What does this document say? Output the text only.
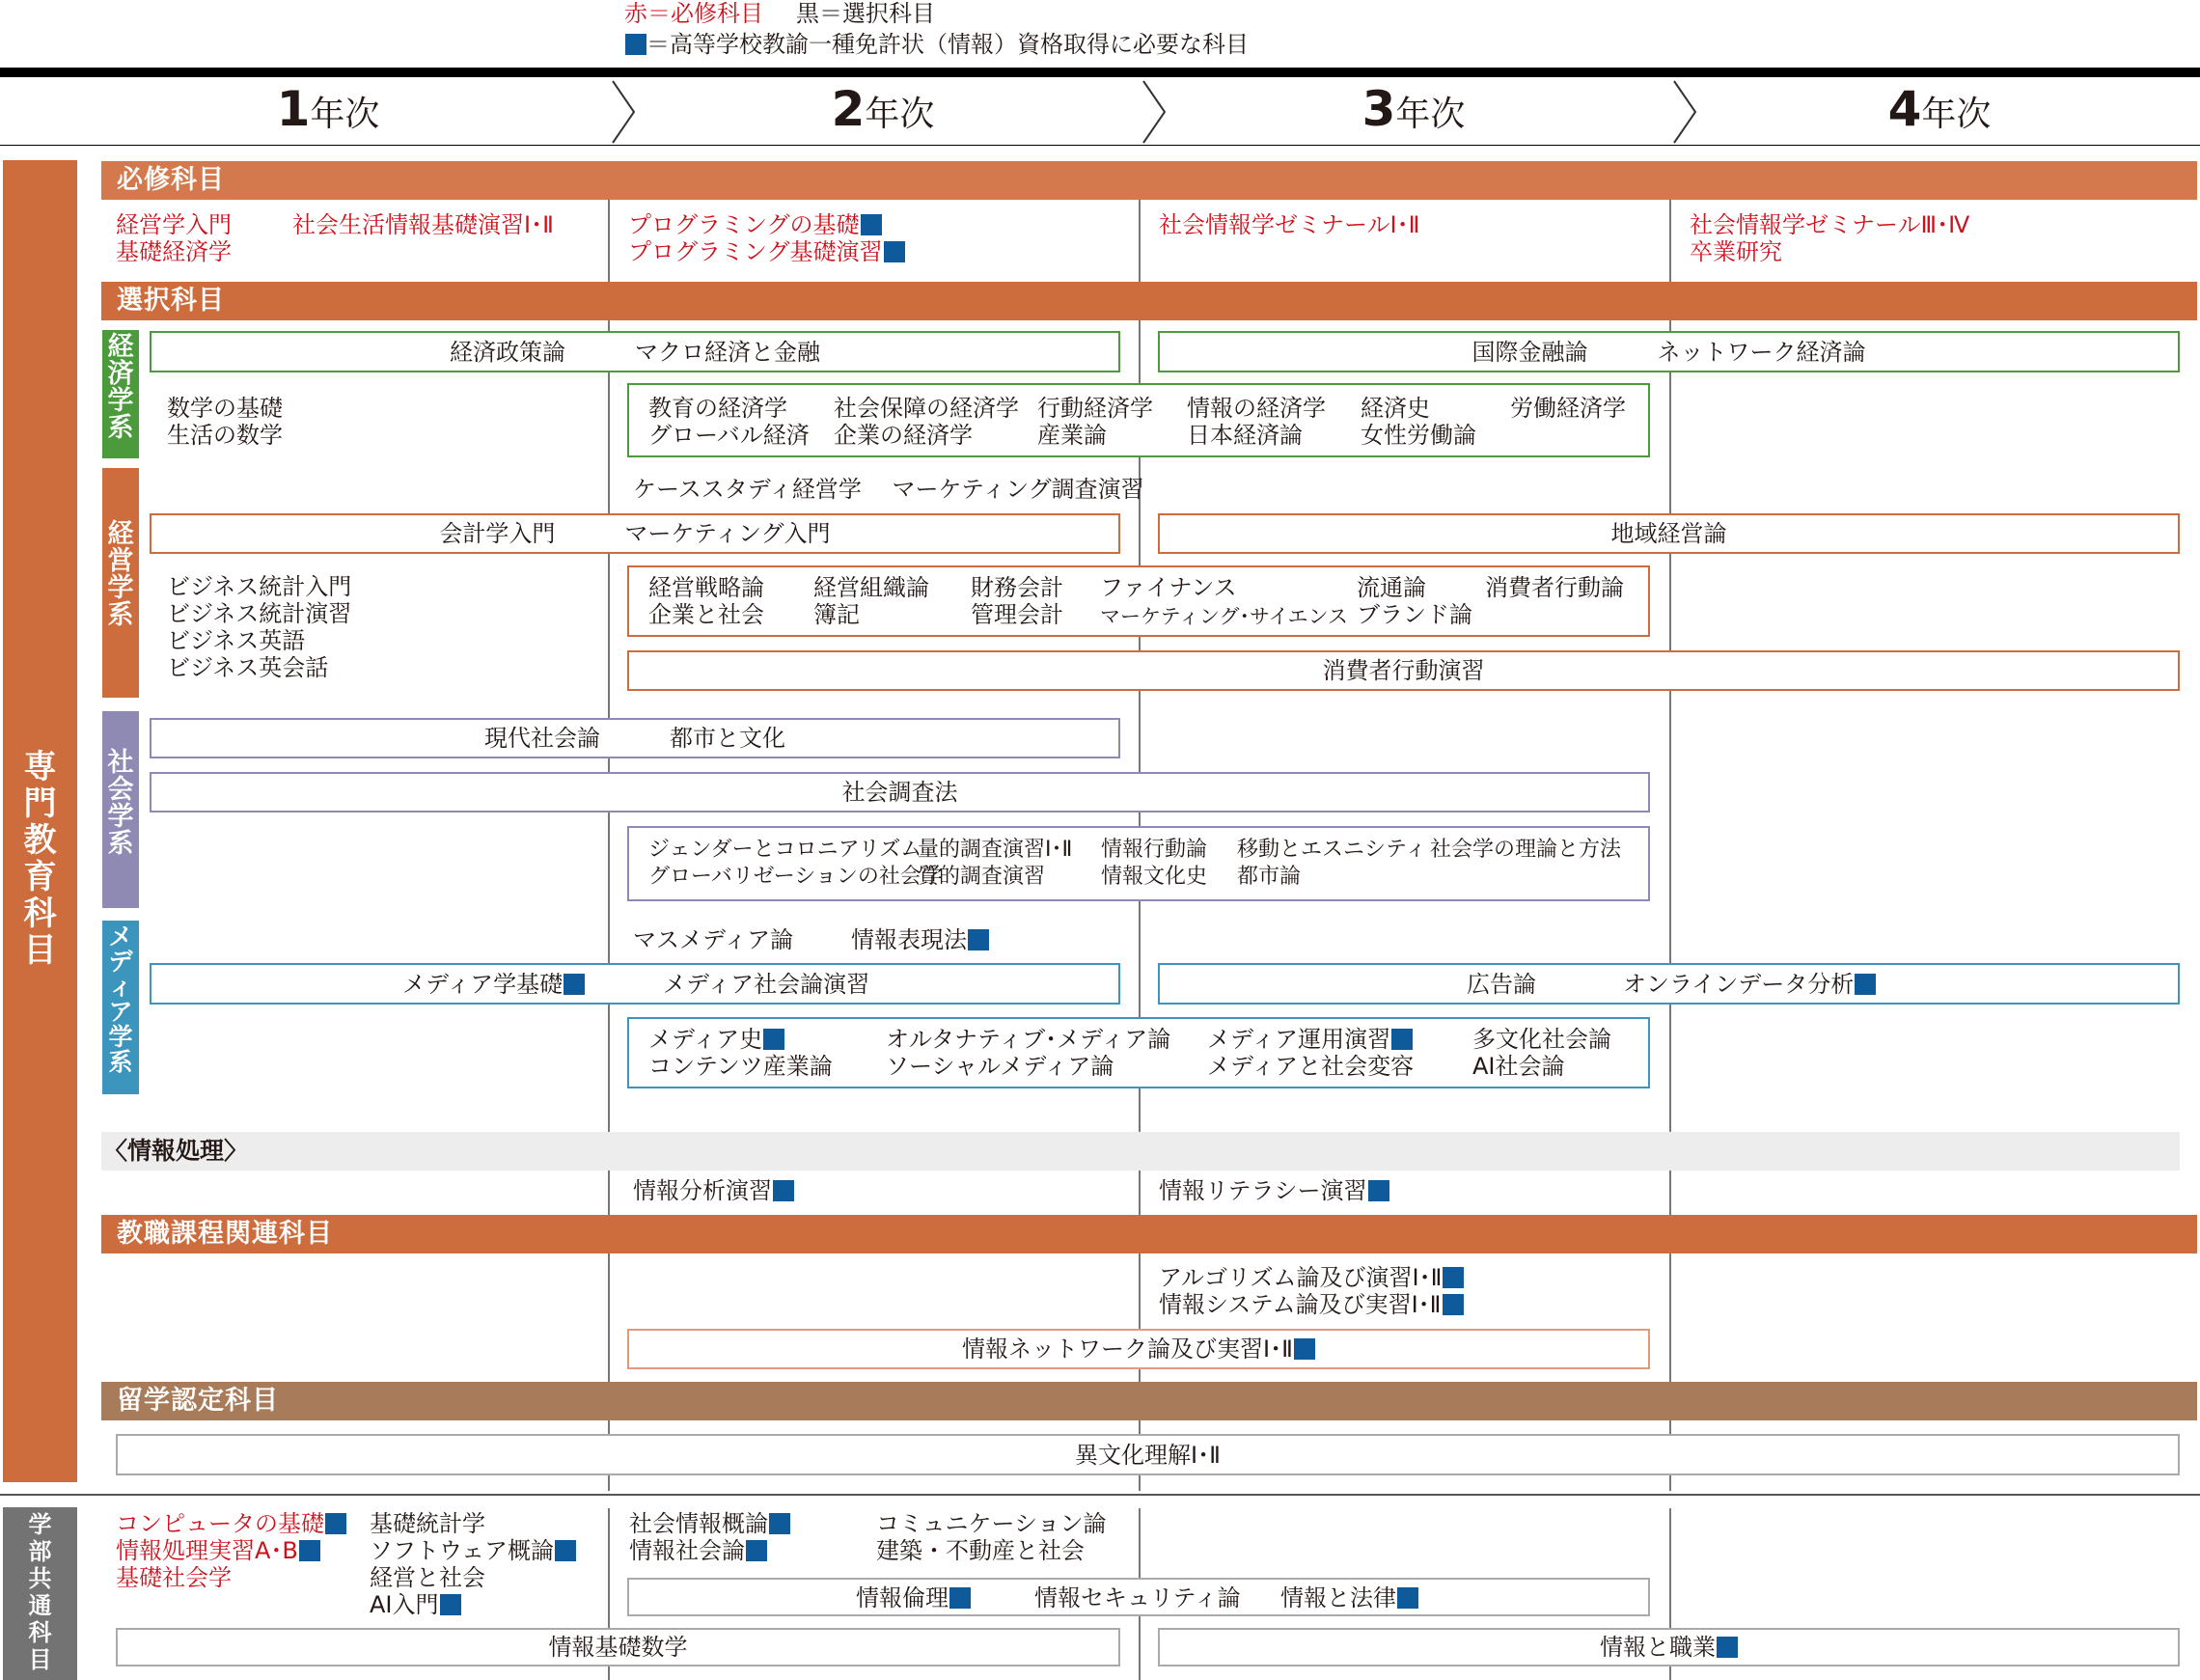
赤＝必修科目 黒＝選択科目
＝高等学校教諭一種免許状（情報）資格取得に必要な科目
1年次	2年次	3年次	4年次
専門教育科目
学部共通科目
必修科目
経営学入門
基礎経済学
社会生活情報基礎演習Ⅰ･Ⅱ	プログラミングの基礎
プログラミング基礎演習
社会情報学ゼミナールⅠ･Ⅱ	社会情報学ゼミナールⅢ･Ⅳ
卒業研究
選択科目
経済学系
経営学系
社会学系
メディア学系
経済政策論　　　マクロ経済と金融	国際金融論　　　ネットワーク経済論
数学の基礎
生活の数学
教育の経済学
グローバル経済
社会保障の経済学
企業の経済学
行動経済学
産業論
情報の経済学
日本経済論
経済史
女性労働論
労働経済学
ケーススタディ経営学　 マーケティング調査演習
会計学入門　　　マーケティング入門	地域経営論
ビジネス統計入門
ビジネス統計演習
ビジネス英語
ビジネス英会話
経営戦略論
企業と社会
経営組織論
簿記
財務会計
管理会計
ファイナンス
マーケティング･サイエンス
流通論
ブランド論
消費者行動論
消費者行動演習
現代社会論　　　都市と文化
社会調査法
ジェンダーとコロニアリズム
グローバリゼーションの社会学
量的調査演習Ⅰ･Ⅱ
質的調査演習
情報行動論
情報文化史
移動とエスニシティ
都市論
社会学の理論と方法
マスメディア論 情報表現法
メディア学基礎	メディア社会論演習	広告論	オンラインデータ分析
メディア史
コンテンツ産業論
オルタナティブ･メディア論
ソーシャルメディア論
メディア運用演習
メディアと社会変容
多文化社会論
AI社会論
〈情報処理〉
情報分析演習	情報リテラシー演習
教職課程関連科目
アルゴリズム論及び演習Ⅰ･Ⅱ
情報システム論及び実習Ⅰ･Ⅱ
情報ネットワーク論及び実習Ⅰ･Ⅱ
留学認定科目
異文化理解Ⅰ･Ⅱ
コンピュータの基礎
情報処理実習A･B
基礎社会学
基礎統計学
ソフトウェア概論
経営と社会
AI入門
社会情報概論
情報社会論
コミュニケーション論
建築・不動産と社会
情報倫理	情報セキュリティ論 情報と法律
情報基礎数学	情報と職業
